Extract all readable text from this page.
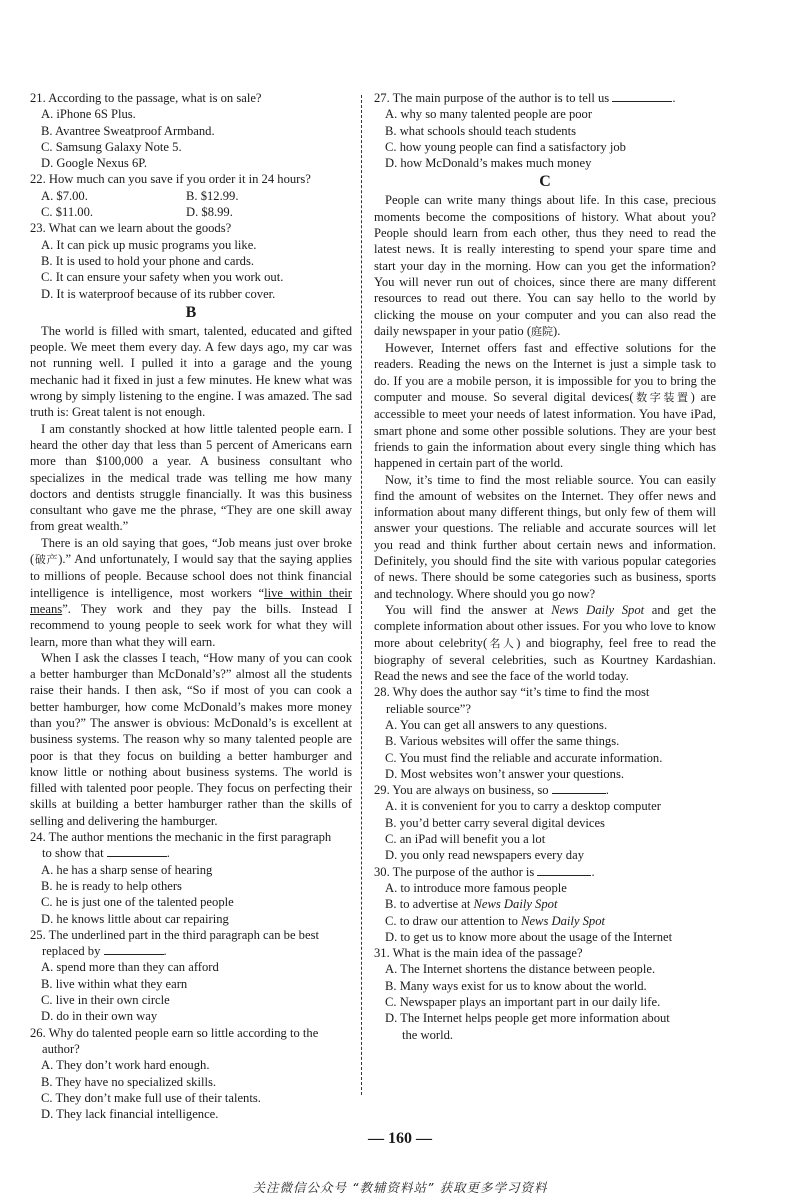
21. According to the passage, what is on sale?
A. iPhone 6S Plus.
B. Avantree Sweatproof Armband.
C. Samsung Galaxy Note 5.
D. Google Nexus 6P.
22. How much can you save if you order it in 24 hours?
A. $7.00.	B. $12.99.
C. $11.00.	D. $8.99.
23. What can we learn about the goods?
A. It can pick up music programs you like.
B. It is used to hold your phone and cards.
C. It can ensure your safety when you work out.
D. It is waterproof because of its rubber cover.
B

The world is filled with smart, talented, educated and gifted people. We meet them every day. A few days ago, my car was not running well. I pulled it into a garage and the young mechanic had it fixed in just a few minutes. He knew what was wrong by simply listening to the engine. I was amazed. The sad truth is: Great talent is not enough.

I am constantly shocked at how little talented people earn. I heard the other day that less than 5 percent of Americans earn more than $100,000 a year. A business consultant who specializes in the medical trade was telling me how many doctors and dentists struggle financially. It was this business consultant who gave me the phrase, “They are one skill away from great wealth.”

There is an old saying that goes, “Job means just over broke (破产).” And unfortunately, I would say that the saying applies to millions of people. Because school does not think financial intelligence is intelligence, most workers “live within their means”. They work and they pay the bills. Instead I recommend to young people to seek work for what they will learn, more than what they will earn.

When I ask the classes I teach, “How many of you can cook a better hamburger than McDonald’s?” almost all the students raise their hands. I then ask, “So if most of you can cook a better hamburger, how come McDonald’s makes more money than you?” The answer is obvious: McDonald’s is excellent at business systems. The reason why so many talented people are poor is that they focus on building a better hamburger and know little or nothing about business systems. The world is filled with talented poor people. They focus on perfecting their skills at building a better hamburger rather than the skills of selling and delivering the hamburger.

24. The author mentions the mechanic in the first paragraph
to show that	.
A. he has a sharp sense of hearing
B. he is ready to help others
C. he is just one of the talented people
D. he knows little about car repairing
25. The underlined part in the third paragraph can be best
replaced by	.
A. spend more than they can afford
B. live within what they earn
C. live in their own circle
D. do in their own way
26. Why do talented people earn so little according to the
author?
A. They don’t work hard enough.
B. They have no specialized skills.
C. They don’t make full use of their talents.
D. They lack financial intelligence.
27. The main purpose of the author is to tell us	.
A. why so many talented people are poor
B. what schools should teach students
C. how young people can find a satisfactory job
D. how McDonald’s makes much money
C

People can write many things about life. In this case, precious moments become the compositions of history. What about you? People should learn from each other, thus they need to read the latest news. It is really interesting to spend your spare time and start your day in the morning. How can you get the information? You will never run out of choices, since there are many different resources to read out there. You can say hello to the world by clicking the mouse on your computer and you can also read the daily newspaper in your patio (庭院).

However, Internet offers fast and effective solutions for the readers. Reading the news on the Internet is just a simple task to do. If you are a mobile person, it is impossible for you to bring the computer and mouse. So several digital devices(数字装置) are accessible to meet your needs of latest information. You have iPad, smart phone and some other possible solutions. They are your best friends to gain the information about every single thing which has happened in certain part of the world.

Now, it’s time to find the most reliable source. You can easily find the amount of websites on the Internet. They offer news and information about many different things, but only few of them will answer your questions. The reliable and accurate sources will let you read and think further about certain news and information. Definitely, you should find the site with various popular categories of news. There should be some categories such as business, sports and technology. Where should you go now?

You will find the answer at News Daily Spot and get the complete information about other issues. For you who love to know more about celebrity(名人) and biography, feel free to read the biography of several celebrities, such as Kourtney Kardashian. Read the news and see the face of the world today.

28. Why does the author say “it’s time to find the most
reliable source”?
A. You can get all answers to any questions.
B. Various websites will offer the same things.
C. You must find the reliable and accurate information.
D. Most websites won’t answer your questions.
29. You are always on business, so	.
A. it is convenient for you to carry a desktop computer
B. you’d better carry several digital devices
C. an iPad will benefit you a lot
D. you only read newspapers every day
30. The purpose of the author is	.
A. to introduce more famous people
B. to advertise at News Daily Spot
C. to draw our attention to News Daily Spot
D. to get us to know more about the usage of the Internet
31. What is the main idea of the passage?
A. The Internet shortens the distance between people.
B. Many ways exist for us to know about the world.
C. Newspaper plays an important part in our daily life.
D. The Internet helps people get more information about
the world.
— 160 —
关注微信公众号 “教辅资料站” 获取更多学习资料
